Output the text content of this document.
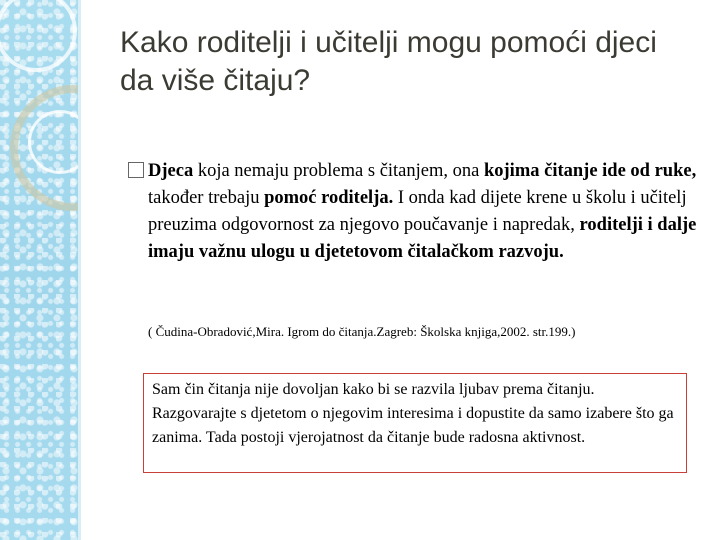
Kako roditelji i učitelji mogu pomoći djeci da više čitaju?
Djeca koja nemaju problema s čitanjem, ona kojima čitanje ide od ruke, također trebaju pomoć roditelja. I onda kad dijete krene u školu i učitelj preuzima odgovornost za njegovo poučavanje i napredak, roditelji i dalje imaju važnu ulogu u djetetovom čitalačkom razvoju.
( Čudina-Obradović,Mira. Igrom do čitanja.Zagreb: Školska knjiga,2002. str.199.)
Sam čin čitanja nije dovoljan kako bi se razvila ljubav prema čitanju. Razgovarajte s djetetom o njegovim interesima i dopustite da samo izabere što ga zanima. Tada postoji vjerojatnost da čitanje bude radosna aktivnost.
